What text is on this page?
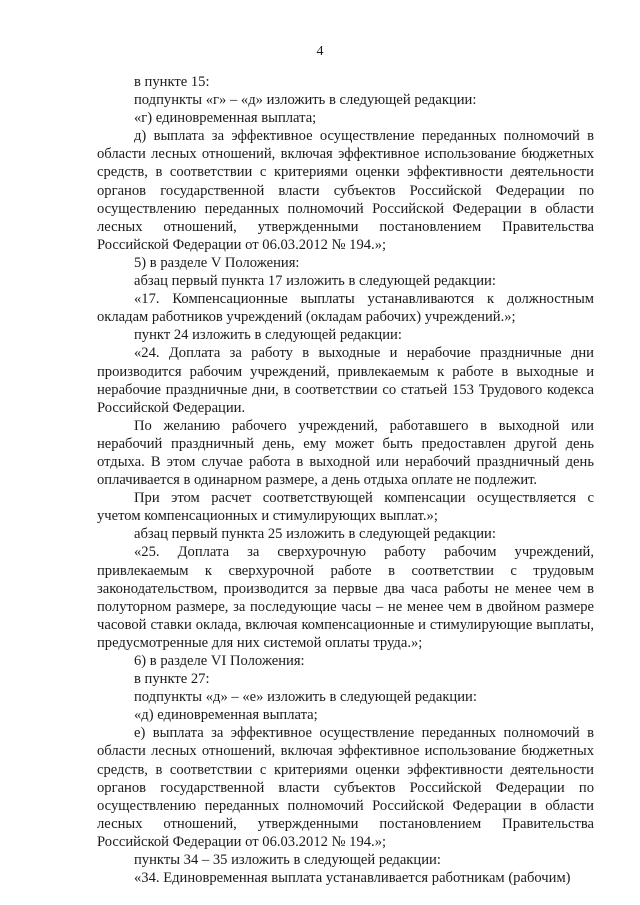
4

в пункте 15:

подпункты «г» – «д» изложить в следующей редакции:

«г) единовременная выплата;

д) выплата за эффективное осуществление переданных полномочий в области лесных отношений, включая эффективное использование бюджетных средств, в соответствии с критериями оценки эффективности деятельности органов государственной власти субъектов Российской Федерации по осуществлению переданных полномочий Российской Федерации в области лесных отношений, утвержденными постановлением Правительства Российской Федерации от 06.03.2012 № 194.»;

5) в разделе V Положения:

абзац первый пункта 17 изложить в следующей редакции:

«17. Компенсационные выплаты устанавливаются к должностным окладам работников учреждений (окладам рабочих) учреждений.»;

пункт 24 изложить в следующей редакции:

«24. Доплата за работу в выходные и нерабочие праздничные дни производится рабочим учреждений, привлекаемым к работе в выходные и нерабочие праздничные дни, в соответствии со статьей 153 Трудового кодекса Российской Федерации.

По желанию рабочего учреждений, работавшего в выходной или нерабочий праздничный день, ему может быть предоставлен другой день отдыха. В этом случае работа в выходной или нерабочий праздничный день оплачивается в одинарном размере, а день отдыха оплате не подлежит.

При этом расчет соответствующей компенсации осуществляется с учетом компенсационных и стимулирующих выплат.»;

абзац первый пункта 25 изложить в следующей редакции:

«25. Доплата за сверхурочную работу рабочим учреждений, привлекаемым к сверхурочной работе в соответствии с трудовым законодательством, производится за первые два часа работы не менее чем в полуторном размере, за последующие часы – не менее чем в двойном размере часовой ставки оклада, включая компенсационные и стимулирующие выплаты, предусмотренные для них системой оплаты труда.»;

6) в разделе VI Положения:

в пункте 27:

подпункты «д» – «е» изложить в следующей редакции:

«д) единовременная выплата;

е) выплата за эффективное осуществление переданных полномочий в области лесных отношений, включая эффективное использование бюджетных средств, в соответствии с критериями оценки эффективности деятельности органов государственной власти субъектов Российской Федерации по осуществлению переданных полномочий Российской Федерации в области лесных отношений, утвержденными постановлением Правительства Российской Федерации от 06.03.2012 № 194.»;

пункты 34 – 35 изложить в следующей редакции:

«34. Единовременная выплата устанавливается работникам (рабочим)
